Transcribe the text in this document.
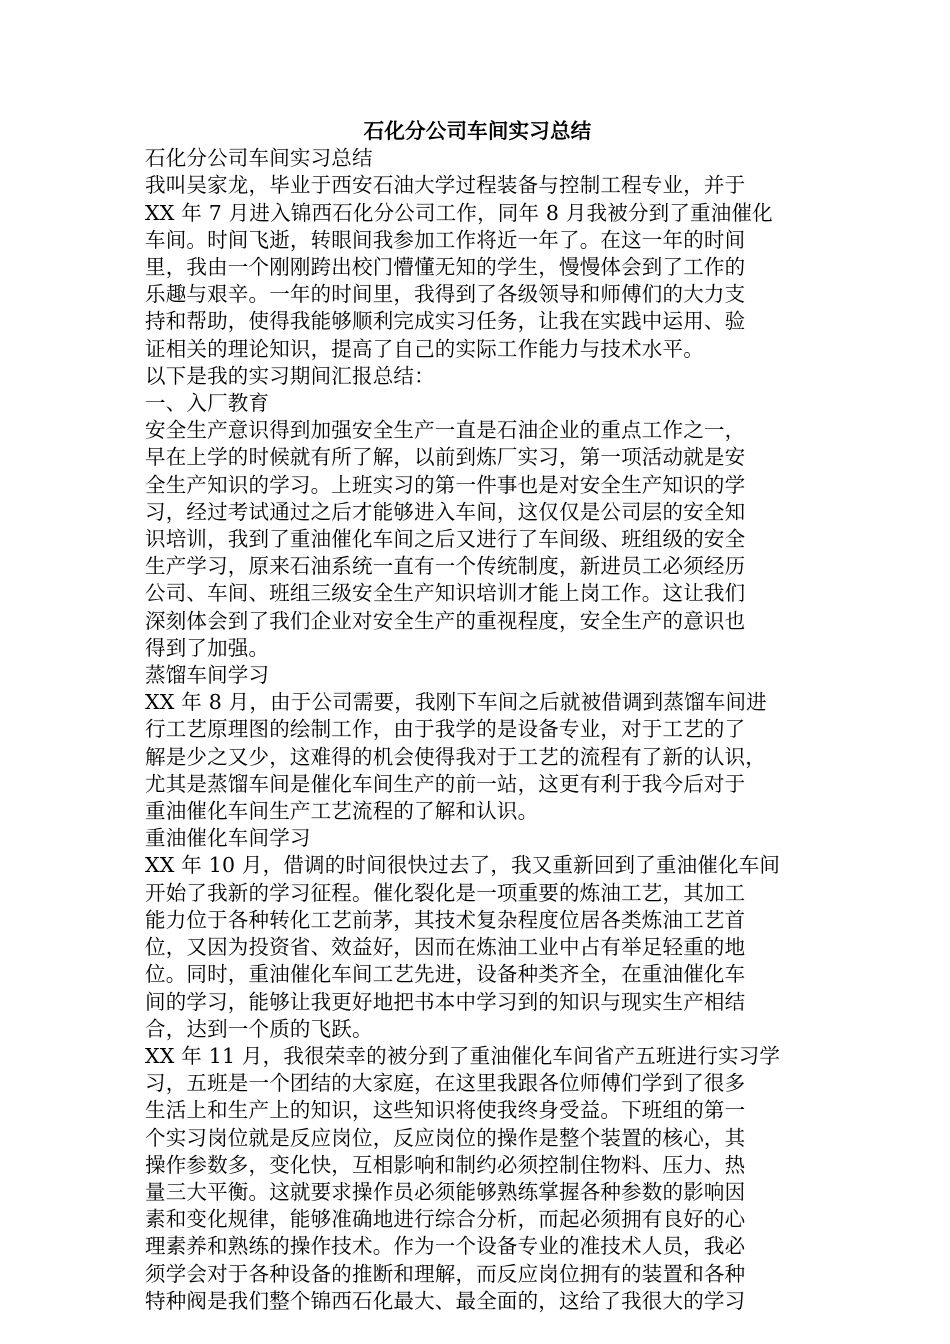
石化分公司车间实习总结

石化分公司车间实习总结

我叫吴家龙，毕业于西安石油大学过程装备与控制工程专业，并于

XX 年 7 月进入锦西石化分公司工作，同年 8 月我被分到了重油催化

车间。时间飞逝，转眼间我参加工作将近一年了。在这一年的时间

里，我由一个刚刚跨出校门懵懂无知的学生，慢慢体会到了工作的

乐趣与艰辛。一年的时间里，我得到了各级领导和师傅们的大力支

持和帮助，使得我能够顺利完成实习任务，让我在实践中运用、验

证相关的理论知识，提高了自己的实际工作能力与技术水平。

以下是我的实习期间汇报总结：

一、入厂教育

安全生产意识得到加强安全生产一直是石油企业的重点工作之一，

早在上学的时候就有所了解，以前到炼厂实习，第一项活动就是安

全生产知识的学习。上班实习的第一件事也是对安全生产知识的学

习，经过考试通过之后才能够进入车间，这仅仅是公司层的安全知

识培训，我到了重油催化车间之后又进行了车间级、班组级的安全

生产学习，原来石油系统一直有一个传统制度，新进员工必须经历

公司、车间、班组三级安全生产知识培训才能上岗工作。这让我们

深刻体会到了我们企业对安全生产的重视程度，安全生产的意识也

得到了加强。

蒸馏车间学习

XX 年 8 月，由于公司需要，我刚下车间之后就被借调到蒸馏车间进

行工艺原理图的绘制工作，由于我学的是设备专业，对于工艺的了

解是少之又少，这难得的机会使得我对于工艺的流程有了新的认识，

尤其是蒸馏车间是催化车间生产的前一站，这更有利于我今后对于

重油催化车间生产工艺流程的了解和认识。

重油催化车间学习

XX 年 10 月，借调的时间很快过去了，我又重新回到了重油催化车间

开始了我新的学习征程。催化裂化是一项重要的炼油工艺，其加工

能力位于各种转化工艺前茅，其技术复杂程度位居各类炼油工艺首

位，又因为投资省、效益好，因而在炼油工业中占有举足轻重的地

位。同时，重油催化车间工艺先进，设备种类齐全，在重油催化车

间的学习，能够让我更好地把书本中学习到的知识与现实生产相结

合，达到一个质的飞跃。

XX 年 11 月，我很荣幸的被分到了重油催化车间省产五班进行实习学

习，五班是一个团结的大家庭，在这里我跟各位师傅们学到了很多

生活上和生产上的知识，这些知识将使我终身受益。下班组的第一

个实习岗位就是反应岗位，反应岗位的操作是整个装置的核心，其

操作参数多，变化快，互相影响和制约必须控制住物料、压力、热

量三大平衡。这就要求操作员必须能够熟练掌握各种参数的影响因

素和变化规律，能够准确地进行综合分析，而起必须拥有良好的心

理素养和熟练的操作技术。作为一个设备专业的准技术人员，我必

须学会对于各种设备的推断和理解，而反应岗位拥有的装置和各种

特种阀是我们整个锦西石化最大、最全面的，这给了我很大的学习
